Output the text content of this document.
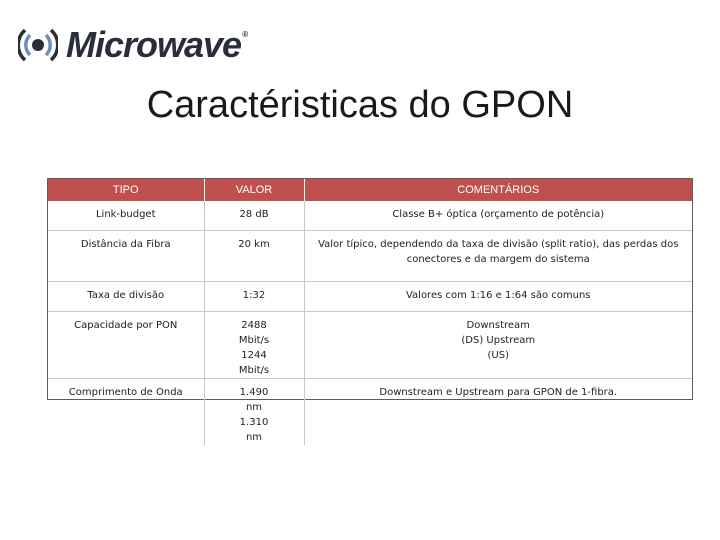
Microwave®
Caractéristicas do GPON
TIPO	VALOR	COMENTÁRIOS
Link-budget	28 dB	Classe B+ óptica (orçamento de potência)
Distância da Fibra	20 km	Valor típico, dependendo da taxa de divisão (split ratio), das perdas dos conectores e da margem do sistema
Taxa de divisão	1:32	Valores com 1:16 e 1:64 são comuns
Capacidade por PON	2488 Mbit/s 1244 Mbit/s	Downstream (DS) Upstream (US)
Comprimento de Onda	1.490 nm 1.310 nm	Downstream e Upstream para GPON de 1-fibra.
